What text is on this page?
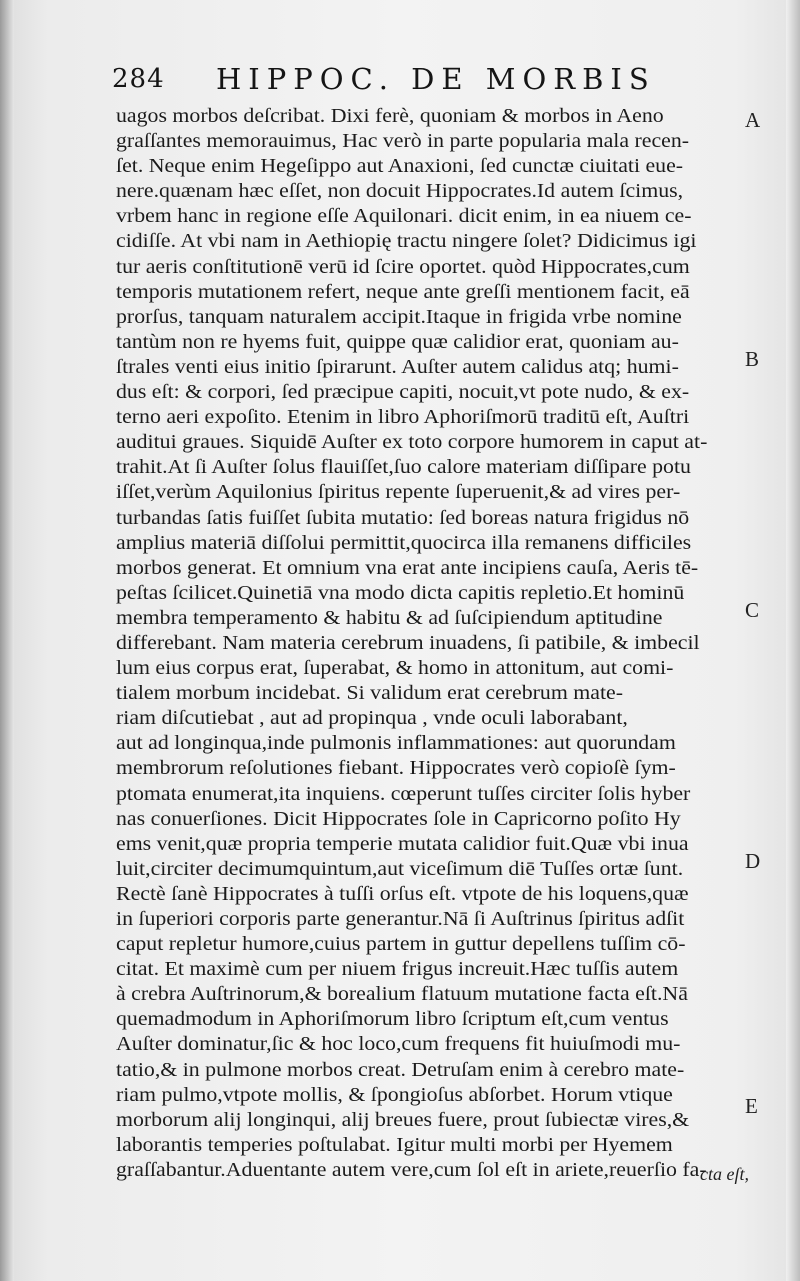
284 HIPPOC. DE MORBIS
uagos morbos deſcribat. Dixi ferè, quoniam & morbos in Aeno
graſſantes memorauimus, Hac verò in parte popularia mala recen-
ſet. Neque enim Hegeſippo aut Anaxioni, ſed cunctæ ciuitati eue-
nere.quænam hæc eſſet, non docuit Hippocrates.Id autem ſcimus,
vrbem hanc in regione eſſe Aquilonari. dicit enim, in ea niuem ce-
cidiſſe. At vbi nam in Aethiopię tractu ningere ſolet? Didicimus igi
tur aeris conſtitutionē verū id ſcire oportet. quòd Hippocrates,cum
temporis mutationem refert, neque ante greſſi mentionem facit, eā
prorſus, tanquam naturalem accipit.Itaque in frigida vrbe nomine
tantùm non re hyems fuit, quippe quæ calidior erat, quoniam au-
ſtrales venti eius initio ſpirarunt. Auſter autem calidus atq; humi-
dus eſt: & corpori, ſed præcipue capiti, nocuit,vt pote nudo, & ex-
terno aeri expoſito. Etenim in libro Aphoriſmorū traditū eſt, Auſtri
auditui graues. Siquidē Auſter ex toto corpore humorem in caput at-
trahit.At ſi Auſter ſolus flauiſſet,ſuo calore materiam diſſipare potu
iſſet,verùm Aquilonius ſpiritus repente ſuperuenit,& ad vires per-
turbandas ſatis fuiſſet ſubita mutatio: ſed boreas natura frigidus nō
amplius materiā diſſolui permittit,quocirca illa remanens difficiles
morbos generat. Et omnium vna erat ante incipiens cauſa, Aeris tē-
peſtas ſcilicet.Quinetiā vna modo dicta capitis repletio.Et hominū
membra temperamento & habitu & ad ſuſcipiendum aptitudine
differebant. Nam materia cerebrum inuadens, ſi patibile, & imbecil
lum eius corpus erat, ſuperabat, & homo in attonitum, aut comi-
tialem morbum incidebat. Si validum erat cerebrum mate-
riam diſcutiebat , aut ad propinqua , vnde oculi laborabant,
aut ad longinqua,inde pulmonis inflammationes: aut quorundam
membrorum reſolutiones fiebant. Hippocrates verò copioſè ſym-
ptomata enumerat,ita inquiens. cœperunt tuſſes circiter ſolis hyber
nas conuerſiones. Dicit Hippocrates ſole in Capricorno poſito Hy
ems venit,quæ propria temperie mutata calidior fuit.Quæ vbi inua
luit,circiter decimumquintum,aut viceſimum diē Tuſſes ortæ ſunt.
Rectè ſanè Hippocrates à tuſſi orſus eſt. vtpote de his loquens,quæ
in ſuperiori corporis parte generantur.Nā ſi Auſtrinus ſpiritus adſit
caput repletur humore,cuius partem in guttur depellens tuſſim cō-
citat. Et maximè cum per niuem frigus increuit.Hæc tuſſis autem
à crebra Auſtrinorum,& borealium flatuum mutatione facta eſt.Nā
quemadmodum in Aphoriſmorum libro ſcriptum eſt,cum ventus
Auſter dominatur,ſic & hoc loco,cum frequens fit huiuſmodi mu-
tatio,& in pulmone morbos creat. Detruſam enim à cerebro mate-
riam pulmo,vtpote mollis, & ſpongioſus abſorbet. Horum vtique
morborum alij longinqui, alij breues fuere, prout ſubiectæ vires,&
laborantis temperies poſtulabat. Igitur multi morbi per Hyemem
graſſabantur.Aduentante autem vere,cum ſol eſt in ariete,reuerſio fa-
A
B
C
D
E
cta eſt,
